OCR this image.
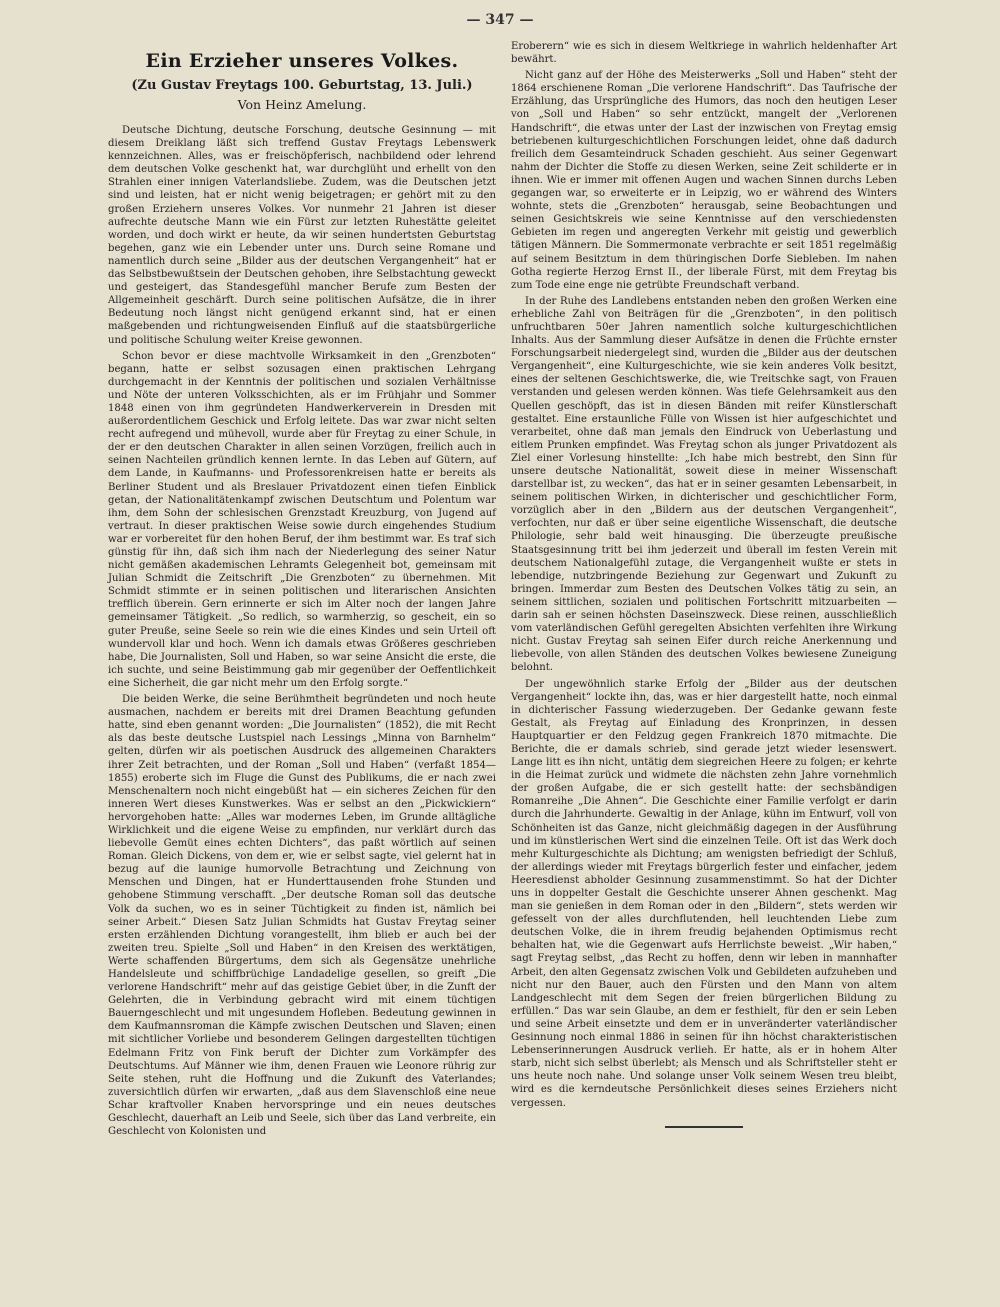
— 347 —
Ein Erzieher unseres Volkes.
(Zu Gustav Freytags 100. Geburtstag, 13. Juli.)
Von Heinz Amelung.

Deutsche Dichtung, deutsche Forschung, deutsche Gesinnung — mit diesem Dreiklang läßt sich treffend Gustav Freytags Lebenswerk kennzeichnen. Alles, was er freischöpferisch, nachbildend oder lehrend dem deutschen Volke geschenkt hat, war durchglüht und erhellt von den Strahlen einer innigen Vaterlandsliebe. Zudem, was die Deutschen jetzt sind und leisten, hat er nicht wenig beigetragen; er gehört mit zu den großen Erziehern unseres Volkes. Vor nunmehr 21 Jahren ist dieser aufrechte deutsche Mann wie ein Fürst zur letzten Ruhestätte geleitet worden, und doch wirkt er heute, da wir seinen hundertsten Geburtstag begehen, ganz wie ein Lebender unter uns. Durch seine Romane und namentlich durch seine „Bilder aus der deutschen Vergangenheit“ hat er das Selbstbewußtsein der Deutschen gehoben, ihre Selbstachtung geweckt und gesteigert, das Standesgefühl mancher Berufe zum Besten der Allgemeinheit geschärft. Durch seine politischen Aufsätze, die in ihrer Bedeutung noch längst nicht genügend erkannt sind, hat er einen maßgebenden und richtungweisenden Einfluß auf die staatsbürgerliche und politische Schulung weiter Kreise gewonnen.

Schon bevor er diese machtvolle Wirksamkeit in den „Grenzboten“ begann, hatte er selbst sozusagen einen praktischen Lehrgang durchgemacht in der Kenntnis der politischen und sozialen Verhältnisse und Nöte der unteren Volksschichten, als er im Frühjahr und Sommer 1848 einen von ihm gegründeten Handwerkerverein in Dresden mit außerordentlichem Geschick und Erfolg leitete. Das war zwar nicht selten recht aufregend und mühevoll, wurde aber für Freytag zu einer Schule, in der er den deutschen Charakter in allen seinen Vorzügen, freilich auch in seinen Nachteilen gründlich kennen lernte. In das Leben auf Gütern, auf dem Lande, in Kaufmanns- und Professorenkreisen hatte er bereits als Berliner Student und als Breslauer Privatdozent einen tiefen Einblick getan, der Nationalitätenkampf zwischen Deutschtum und Polentum war ihm, dem Sohn der schlesischen Grenzstadt Kreuzburg, von Jugend auf vertraut. In dieser praktischen Weise sowie durch eingehendes Studium war er vorbereitet für den hohen Beruf, der ihm bestimmt war. Es traf sich günstig für ihn, daß sich ihm nach der Niederlegung des seiner Natur nicht gemäßen akademischen Lehramts Gelegenheit bot, gemeinsam mit Julian Schmidt die Zeitschrift „Die Grenzboten“ zu übernehmen. Mit Schmidt stimmte er in seinen politischen und literarischen Ansichten trefflich überein. Gern erinnerte er sich im Alter noch der langen Jahre gemeinsamer Tätigkeit. „So redlich, so warmherzig, so gescheit, ein so guter Preuße, seine Seele so rein wie die eines Kindes und sein Urteil oft wundervoll klar und hoch. Wenn ich damals etwas Größeres geschrieben habe, Die Journalisten, Soll und Haben, so war seine Ansicht die erste, die ich suchte, und seine Beistimmung gab mir gegenüber der Oeffentlichkeit eine Sicherheit, die gar nicht mehr um den Erfolg sorgte.“

Die beiden Werke, die seine Berühmtheit begründeten und noch heute ausmachen, nachdem er bereits mit drei Dramen Beachtung gefunden hatte, sind eben genannt worden: „Die Journalisten“ (1852), die mit Recht als das beste deutsche Lustspiel nach Lessings „Minna von Barnhelm“ gelten, dürfen wir als poetischen Ausdruck des allgemeinen Charakters ihrer Zeit betrachten, und der Roman „Soll und Haben“ (verfaßt 1854—1855) eroberte sich im Fluge die Gunst des Publikums, die er nach zwei Menschenaltern noch nicht eingebüßt hat — ein sicheres Zeichen für den inneren Wert dieses Kunstwerkes. Was er selbst an den „Pickwickiern“ hervorgehoben hatte: „Alles war modernes Leben, im Grunde alltägliche Wirklichkeit und die eigene Weise zu empfinden, nur verklärt durch das liebevolle Gemüt eines echten Dichters“, das paßt wörtlich auf seinen Roman. Gleich Dickens, von dem er, wie er selbst sagte, viel gelernt hat in bezug auf die launige humorvolle Betrachtung und Zeichnung von Menschen und Dingen, hat er Hunderttausenden frohe Stunden und gehobene Stimmung verschafft. „Der deutsche Roman soll das deutsche Volk da suchen, wo es in seiner Tüchtigkeit zu finden ist, nämlich bei seiner Arbeit.“ Diesen Satz Julian Schmidts hat Gustav Freytag seiner ersten erzählenden Dichtung vorangestellt, ihm blieb er auch bei der zweiten treu. Spielte „Soll und Haben“ in den Kreisen des werktätigen, Werte schaffenden Bürgertums, dem sich als Gegensätze unehrliche Handelsleute und schiffbrüchige Landadelige gesellen, so greift „Die verlorene Handschrift“ mehr auf das geistige Gebiet über, in die Zunft der Gelehrten, die in Verbindung gebracht wird mit einem tüchtigen Bauerngeschlecht und mit ungesundem Hofleben. Bedeutung gewinnen in dem Kaufmannsroman die Kämpfe zwischen Deutschen und Slaven; einen mit sichtlicher Vorliebe und besonderem Gelingen dargestellten tüchtigen Edelmann Fritz von Fink beruft der Dichter zum Vorkämpfer des Deutschtums. Auf Männer wie ihm, denen Frauen wie Leonore rührig zur Seite stehen, ruht die Hoffnung und die Zukunft des Vaterlandes; zuversichtlich dürfen wir erwarten, „daß aus dem Slavenschloß eine neue Schar kraftvoller Knaben hervorspringe und ein neues deutsches Geschlecht, dauerhaft an Leib und Seele, sich über das Land verbreite, ein Geschlecht von Kolonisten und

Eroberern“ wie es sich in diesem Weltkriege in wahrlich heldenhafter Art bewährt.

Nicht ganz auf der Höhe des Meisterwerks „Soll und Haben“ steht der 1864 erschienene Roman „Die verlorene Handschrift“. Das Taufrische der Erzählung, das Ursprüngliche des Humors, das noch den heutigen Leser von „Soll und Haben“ so sehr entzückt, mangelt der „Verlorenen Handschrift“, die etwas unter der Last der inzwischen von Freytag emsig betriebenen kulturgeschichtlichen Forschungen leidet, ohne daß dadurch freilich dem Gesamteindruck Schaden geschieht. Aus seiner Gegenwart nahm der Dichter die Stoffe zu diesen Werken, seine Zeit schilderte er in ihnen. Wie er immer mit offenen Augen und wachen Sinnen durchs Leben gegangen war, so erweiterte er in Leipzig, wo er während des Winters wohnte, stets die „Grenzboten“ herausgab, seine Beobachtungen und seinen Gesichtskreis wie seine Kenntnisse auf den verschiedensten Gebieten im regen und angeregten Verkehr mit geistig und gewerblich tätigen Männern. Die Sommermonate verbrachte er seit 1851 regelmäßig auf seinem Besitztum in dem thüringischen Dorfe Siebleben. Im nahen Gotha regierte Herzog Ernst II., der liberale Fürst, mit dem Freytag bis zum Tode eine enge nie getrübte Freundschaft verband.

In der Ruhe des Landlebens entstanden neben den großen Werken eine erhebliche Zahl von Beiträgen für die „Grenzboten“, in den politisch unfruchtbaren 50er Jahren namentlich solche kulturgeschichtlichen Inhalts. Aus der Sammlung dieser Aufsätze in denen die Früchte ernster Forschungsarbeit niedergelegt sind, wurden die „Bilder aus der deutschen Vergangenheit“, eine Kulturgeschichte, wie sie kein anderes Volk besitzt, eines der seltenen Geschichtswerke, die, wie Treitschke sagt, von Frauen verstanden und gelesen werden können. Was tiefe Gelehrsamkeit aus den Quellen geschöpft, das ist in diesen Bänden mit reifer Künstlerschaft gestaltet. Eine erstaunliche Fülle von Wissen ist hier aufgeschichtet und verarbeitet, ohne daß man jemals den Eindruck von Ueberlastung und eitlem Prunken empfindet. Was Freytag schon als junger Privatdozent als Ziel einer Vorlesung hinstellte: „Ich habe mich bestrebt, den Sinn für unsere deutsche Nationalität, soweit diese in meiner Wissenschaft darstellbar ist, zu wecken“, das hat er in seiner gesamten Lebensarbeit, in seinem politischen Wirken, in dichterischer und geschichtlicher Form, vorzüglich aber in den „Bildern aus der deutschen Vergangenheit“, verfochten, nur daß er über seine eigentliche Wissenschaft, die deutsche Philologie, sehr bald weit hinausging. Die überzeugte preußische Staatsgesinnung tritt bei ihm jederzeit und überall im festen Verein mit deutschem Nationalgefühl zutage, die Vergangenheit wußte er stets in lebendige, nutzbringende Beziehung zur Gegenwart und Zukunft zu bringen. Immerdar zum Besten des Deutschen Volkes tätig zu sein, an seinem sittlichen, sozialen und politischen Fortschritt mitzuarbeiten — darin sah er seinen höchsten Daseinszweck. Diese reinen, ausschließlich vom vaterländischen Gefühl geregelten Absichten verfehlten ihre Wirkung nicht. Gustav Freytag sah seinen Eifer durch reiche Anerkennung und liebevolle, von allen Ständen des deutschen Volkes bewiesene Zuneigung belohnt.

Der ungewöhnlich starke Erfolg der „Bilder aus der deutschen Vergangenheit“ lockte ihn, das, was er hier dargestellt hatte, noch einmal in dichterischer Fassung wiederzugeben. Der Gedanke gewann feste Gestalt, als Freytag auf Einladung des Kronprinzen, in dessen Hauptquartier er den Feldzug gegen Frankreich 1870 mitmachte. Die Berichte, die er damals schrieb, sind gerade jetzt wieder lesenswert. Lange litt es ihn nicht, untätig dem siegreichen Heere zu folgen; er kehrte in die Heimat zurück und widmete die nächsten zehn Jahre vornehmlich der großen Aufgabe, die er sich gestellt hatte: der sechsbändigen Romanreihe „Die Ahnen“. Die Geschichte einer Familie verfolgt er darin durch die Jahrhunderte. Gewaltig in der Anlage, kühn im Entwurf, voll von Schönheiten ist das Ganze, nicht gleichmäßig dagegen in der Ausführung und im künstlerischen Wert sind die einzelnen Teile. Oft ist das Werk doch mehr Kulturgeschichte als Dichtung; am wenigsten befriedigt der Schluß, der allerdings wieder mit Freytags bürgerlich fester und einfacher, jedem Heeresdienst abholder Gesinnung zusammenstimmt. So hat der Dichter uns in doppelter Gestalt die Geschichte unserer Ahnen geschenkt. Mag man sie genießen in dem Roman oder in den „Bildern“, stets werden wir gefesselt von der alles durchflutenden, hell leuchtenden Liebe zum deutschen Volke, die in ihrem freudig bejahenden Optimismus recht behalten hat, wie die Gegenwart aufs Herrlichste beweist. „Wir haben,“ sagt Freytag selbst, „das Recht zu hoffen, denn wir leben in mannhafter Arbeit, den alten Gegensatz zwischen Volk und Gebildeten aufzuheben und nicht nur den Bauer, auch den Fürsten und den Mann von altem Landgeschlecht mit dem Segen der freien bürgerlichen Bildung zu erfüllen.“ Das war sein Glaube, an dem er festhielt, für den er sein Leben und seine Arbeit einsetzte und dem er in unveränderter vaterländischer Gesinnung noch einmal 1886 in seinen für ihn höchst charakteristischen Lebenserinnerungen Ausdruck verlieh. Er hatte, als er in hohem Alter starb, nicht sich selbst überlebt; als Mensch und als Schriftsteller steht er uns heute noch nahe. Und solange unser Volk seinem Wesen treu bleibt, wird es die kerndeutsche Persönlichkeit dieses seines Erziehers nicht vergessen.
